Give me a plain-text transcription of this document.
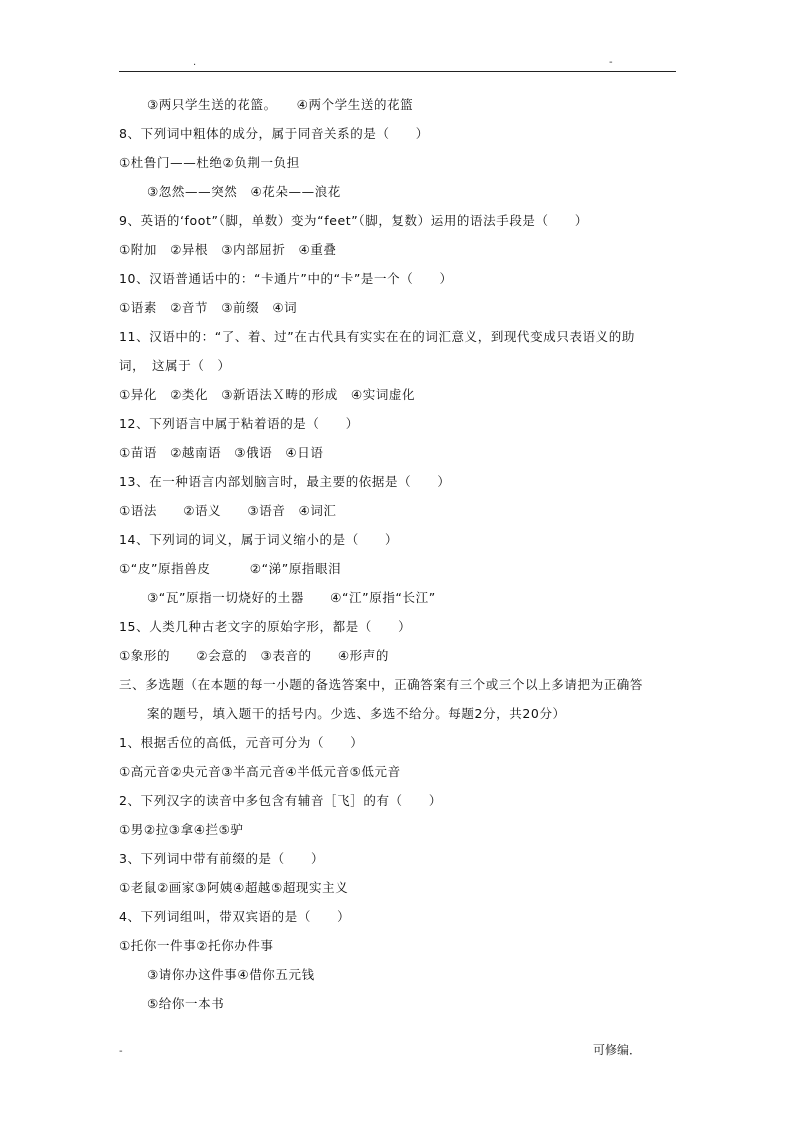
.	-
③两只学生送的花篮。　　④两个学生送的花篮
8、下列词中粗体的成分，属于同音关系的是（　　）
①杜鲁门——杜绝②负荆一负担
③忽然——突然　④花朵——浪花
9、英语的‘foot”（脚，单数）变为“feet”（脚，复数）运用的语法手段是（　　）
①附加　②异根　③内部屈折　④重叠
10、汉语普通话中的：“卡通片”中的“卡”是一个（　　）
①语素　②音节　③前缀　④词
11、汉语中的：“了、着、过”在古代具有实实在在的词汇意义，到现代变成只表语义的助
词，　这属于（　）
①异化　②类化　③新语法Ｘ畴的形成　④实词虚化
12、下列语言中属于粘着语的是（　　）
①苗语　②越南语　③俄语　④日语
13、在一种语言内部划脑言时，最主要的依据是（　　）
①语法　　②语义　　③语音　④词汇
14、下列词的词义，属于词义缩小的是（　　）
①“皮”原指兽皮　　　②“涕”原指眼泪
③“瓦”原指一切烧好的土器　　④“江”原指“长江”
15、人类几种古老文字的原始字形，都是（　　）
①象形的　　②会意的　③表音的　　④形声的
三、多选题（在本题的每一小题的备选答案中，正确答案有三个或三个以上多请把为正确答
案的题号，填入题干的括号内。少选、多选不给分。每题2分，共20分）
1、根据舌位的高低，元音可分为（　　）
①高元音②央元音③半高元音④半低元音⑤低元音
2、下列汉字的读音中多包含有辅音［飞］的有（　　）
①男②拉③拿④拦⑤驴
3、下列词中带有前缀的是（　　）
①老鼠②画家③阿姨④超越⑤超现实主义
4、下列词组叫，带双宾语的是（　　）
①托你一件事②托你办件事
③请你办这件事④借你五元钱
⑤给你一本书
-	可修编．
